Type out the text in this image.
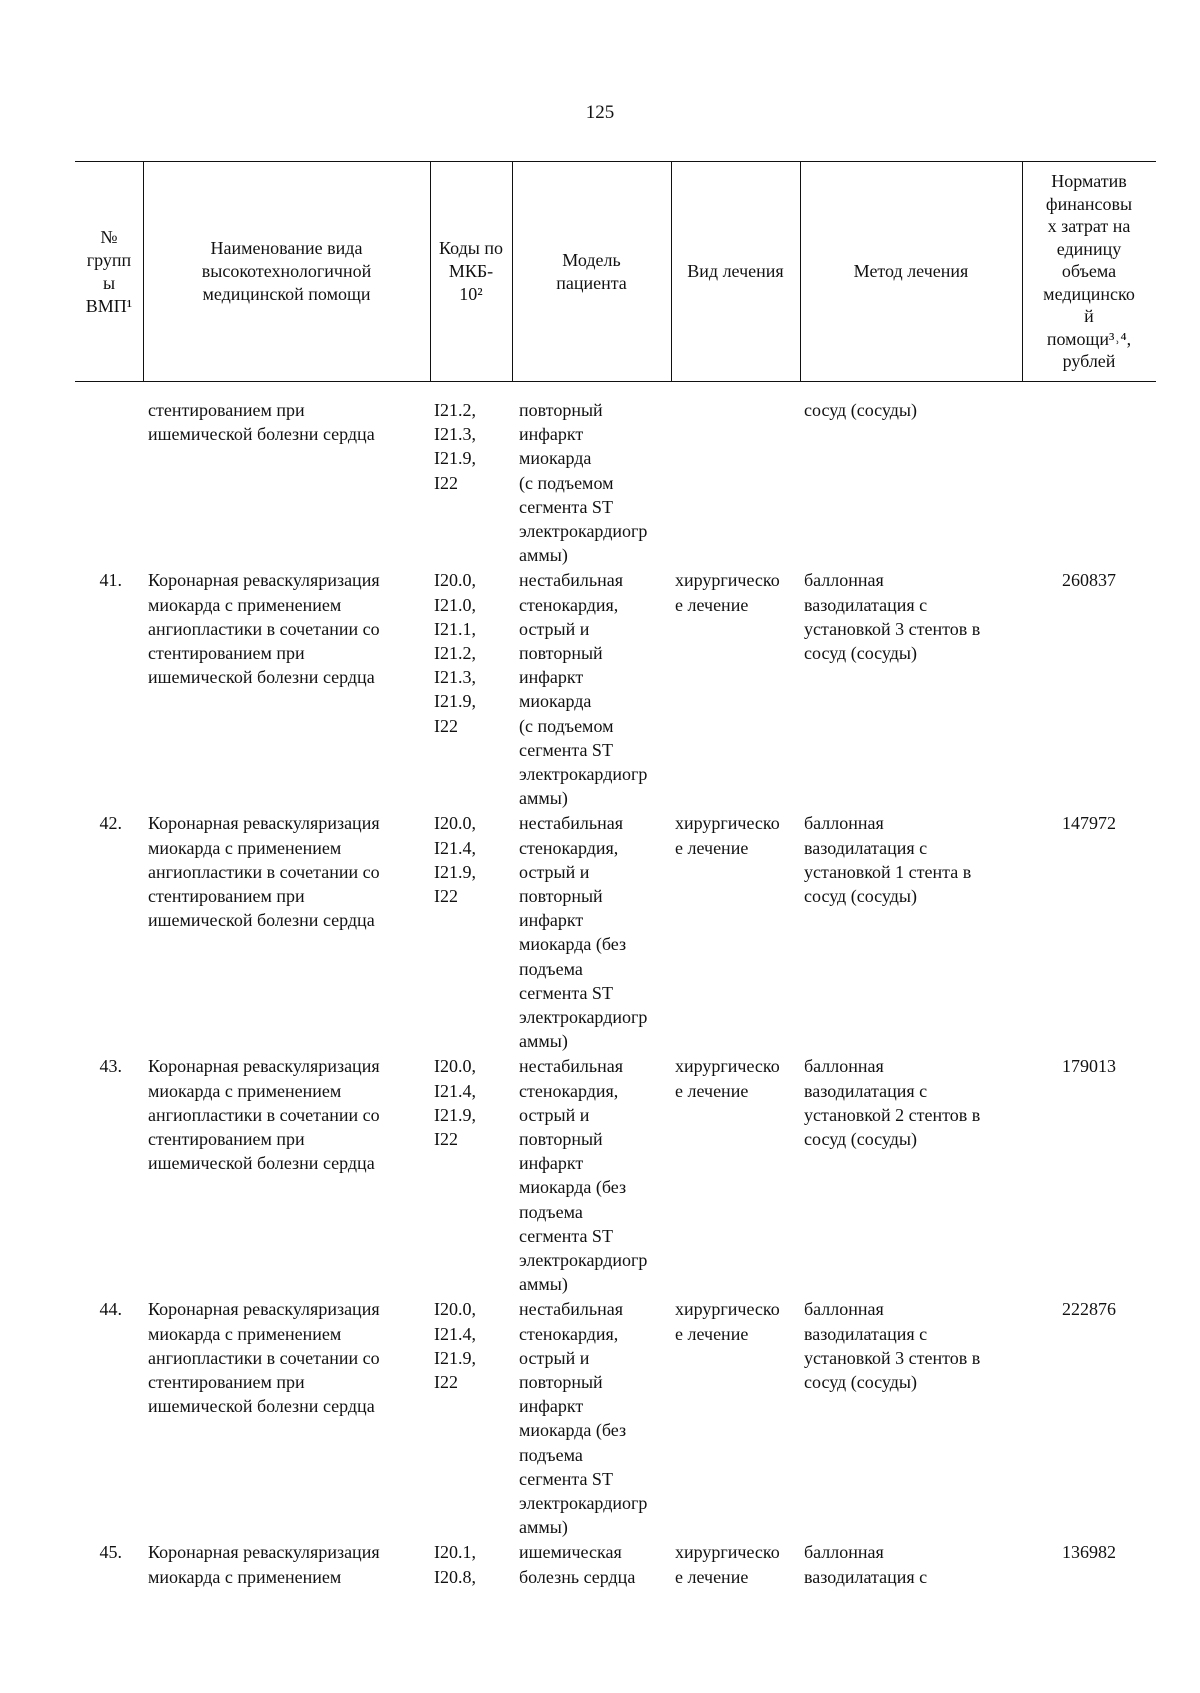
125
№
групп
ы
ВМП¹
Наименование вида
высокотехнологичной
медицинской помощи
Коды по
МКБ-
10²
Модель
пациента
Вид лечения	Метод лечения
Норматив
финансовы
х затрат на
единицу
объема
медицинско
й
помощи³˒⁴,
рублей
стентированием при
ишемической болезни сердца
I21.2,
I21.3,
I21.9,
I22
повторный
инфаркт
миокарда
(с подъемом
сегмента ST
электрокардиогр
аммы)
сосуд (сосуды)
41. Коронарная реваскуляризация
миокарда с применением
ангиопластики в сочетании со
стентированием при
ишемической болезни сердца
I20.0,
I21.0,
I21.1,
I21.2,
I21.3,
I21.9,
I22
нестабильная
стенокардия,
острый и
повторный
инфаркт
миокарда
(с подъемом
сегмента ST
электрокардиогр
аммы)
хирургическо
е лечение
баллонная
вазодилатация с
установкой 3 стентов в
сосуд (сосуды)
260837
42. Коронарная реваскуляризация
миокарда с применением
ангиопластики в сочетании со
стентированием при
ишемической болезни сердца
I20.0,
I21.4,
I21.9,
I22
нестабильная
стенокардия,
острый и
повторный
инфаркт
миокарда (без
подъема
сегмента ST
электрокардиогр
аммы)
хирургическо
е лечение
баллонная
вазодилатация с
установкой 1 стента в
сосуд (сосуды)
147972
43. Коронарная реваскуляризация
миокарда с применением
ангиопластики в сочетании со
стентированием при
ишемической болезни сердца
I20.0,
I21.4,
I21.9,
I22
нестабильная
стенокардия,
острый и
повторный
инфаркт
миокарда (без
подъема
сегмента ST
электрокардиогр
аммы)
хирургическо
е лечение
баллонная
вазодилатация с
установкой 2 стентов в
сосуд (сосуды)
179013
44. Коронарная реваскуляризация
миокарда с применением
ангиопластики в сочетании со
стентированием при
ишемической болезни сердца
I20.0,
I21.4,
I21.9,
I22
нестабильная
стенокардия,
острый и
повторный
инфаркт
миокарда (без
подъема
сегмента ST
электрокардиогр
аммы)
хирургическо
е лечение
баллонная
вазодилатация с
установкой 3 стентов в
сосуд (сосуды)
222876
45. Коронарная реваскуляризация
миокарда с применением
I20.1,
I20.8,
ишемическая
болезнь сердца
хирургическо
е лечение
баллонная
вазодилатация с
136982
